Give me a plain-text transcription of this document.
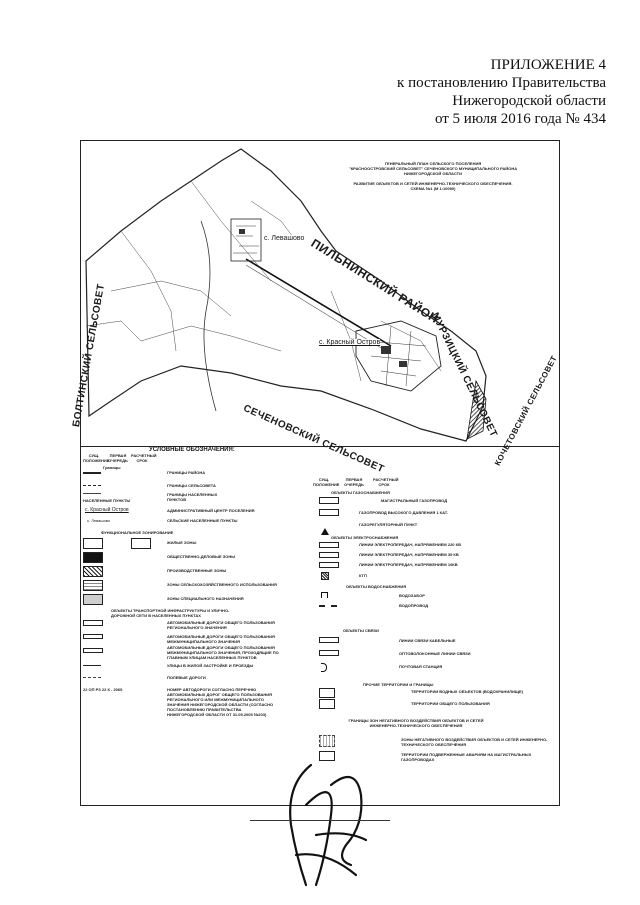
ПРИЛОЖЕНИЕ 4
к постановлению Правительства
Нижегородской области
от 5 июля 2016 года № 434
ГЕНЕРАЛЬНЫЙ ПЛАН СЕЛЬСКОГО ПОСЕЛЕНИЯ
"КРАСНООСТРОВСКИЙ СЕЛЬСОВЕТ" СЕЧЕНОВСКОГО МУНИЦИПАЛЬНОГО РАЙОНА
НИЖЕГОРОДСКОЙ ОБЛАСТИ
РАЗВИТИЕ ОБЪЕКТОВ И СЕТЕЙ ИНЖЕНЕРНО-ТЕХНИЧЕСКОГО ОБЕСПЕЧЕНИЯ.
СХЕМА №1 (М 1:10000)
ПИЛЬНИНСКИЙ РАЙОН
БОЛТИНСКИЙ СЕЛЬСОВЕТ
СЕЧЕНОВСКИЙ СЕЛЬСОВЕТ
МУРЗИЦКИЙ СЕЛЬСОВЕТ
КОЧЕТОВСКИЙ СЕЛЬСОВЕТ
с. Левашово
с. Красный Остров
УСЛОВНЫЕ ОБОЗНАЧЕНИЯ:
СУЩ. ПОЛОЖЕНИЕ
ПЕРВАЯ ОЧЕРЕДЬ
РАСЧЕТНЫЙ СРОК
Границы
ГРАНИЦЫ РАЙОНА
ГРАНИЦЫ СЕЛЬСОВЕТА
НАСЕЛЕННЫЕ ПУНКТЫ
ГРАНИЦЫ НАСЕЛЕННЫХ ПУНКТОВ
АДМИНИСТРАТИВНЫЙ ЦЕНТР ПОСЕЛЕНИЯ
с. Красный Остров
СЕЛЬСКИЕ НАСЕЛЕННЫЕ ПУНКТЫ
с. Левашово
ФУНКЦИОНАЛЬНОЕ ЗОНИРОВАНИЕ
ЖИЛЫЕ ЗОНЫ
ОБЩЕСТВЕННО-ДЕЛОВЫЕ ЗОНЫ
ПРОИЗВОДСТВЕННЫЕ ЗОНЫ
ЗОНЫ СЕЛЬСКОХОЗЯЙСТВЕННОГО ИСПОЛЬЗОВАНИЯ
ЗОНЫ СПЕЦИАЛЬНОГО НАЗНАЧЕНИЯ
ОБЪЕКТЫ ТРАНСПОРТНОЙ ИНФРАСТРУКТУРЫ И УЛИЧНО-ДОРОЖНОЙ СЕТИ В НАСЕЛЕННЫХ ПУНКТАХ
АВТОМОБИЛЬНЫЕ ДОРОГИ ОБЩЕГО ПОЛЬЗОВАНИЯ РЕГИОНАЛЬНОГО ЗНАЧЕНИЯ
АВТОМОБИЛЬНЫЕ ДОРОГИ ОБЩЕГО ПОЛЬЗОВАНИЯ МЕЖМУНИЦИПАЛЬНОГО ЗНАЧЕНИЯ
АВТОМОБИЛЬНЫЕ ДОРОГИ ОБЩЕГО ПОЛЬЗОВАНИЯ МЕЖМУНИЦИПАЛЬНОГО ЗНАЧЕНИЯ, ПРОХОДЯЩИЕ ПО ГЛАВНЫМ УЛИЦАМ НАСЕЛЕННЫХ ПУНКТОВ
УЛИЦЫ В ЖИЛОЙ ЗАСТРОЙКЕ И ПРОЕЗДЫ
ПОЛЕВЫЕ ДОРОГИ
22 ОП РЗ 22 К - 2065	НОМЕР АВТОДОРОГИ СОГЛАСНО ПЕРЕЧНЮ АВТОМОБИЛЬНЫХ ДОРОГ ОБЩЕГО ПОЛЬЗОВАНИЯ РЕГИОНАЛЬНОГО ИЛИ МЕЖМУНИЦИПАЛЬНОГО ЗНАЧЕНИЯ НИЖЕГОРОДСКОЙ ОБЛАСТИ (СОГЛАСНО ПОСТАНОВЛЕНИЮ ПРАВИТЕЛЬСТВА НИЖЕГОРОДСКОЙ ОБЛАСТИ ОТ 31.05.2005 №203)
СУЩ. ПОЛОЖЕНИЕ
ПЕРВАЯ ОЧЕРЕДЬ
РАСЧЕТНЫЙ СРОК
ОБЪЕКТЫ ГАЗОСНАБЖЕНИЯ
МАГИСТРАЛЬНЫЙ ГАЗОПРОВОД
ГАЗОПРОВОД ВЫСОКОГО ДАВЛЕНИЯ 1 КАТ.
ГАЗОРЕГУЛЯТОРНЫЙ ПУНКТ
ОБЪЕКТЫ ЭЛЕКТРОСНАБЖЕНИЯ
ЛИНИИ ЭЛЕКТРОПЕРЕДАЧ, НАПРЯЖЕНИЕМ 220 КВ
ЛИНИИ ЭЛЕКТРОПЕРЕДАЧ, НАПРЯЖЕНИЕМ 35 КВ
ЛИНИИ ЭЛЕКТРОПЕРЕДАЧ, НАПРЯЖЕНИЕМ 10КВ
КТП
ОБЪЕКТЫ ВОДОСНАБЖЕНИЯ
ВОДОЗАБОР
ВОДОПРОВОД
ОБЪЕКТЫ СВЯЗИ
ЛИНИИ СВЯЗИ КАБЕЛЬНЫЕ
ОПТОВОЛОКОННЫЕ ЛИНИИ СВЯЗИ
ПОЧТОВАЯ СТАНЦИЯ
ПРОЧИЕ ТЕРРИТОРИИ И ГРАНИЦЫ
ТЕРРИТОРИИ ВОДНЫХ ОБЪЕКТОВ (ВОДОХРАНИЛИЩЕ)
ТЕРРИТОРИИ ОБЩЕГО ПОЛЬЗОВАНИЯ
ГРАНИЦЫ ЗОН НЕГАТИВНОГО ВОЗДЕЙСТВИЯ ОБЪЕКТОВ И СЕТЕЙ ИНЖЕНЕРНО-ТЕХНИЧЕСКОГО ОБЕСПЕЧЕНИЯ
ЗОНЫ НЕГАТИВНОГО ВОЗДЕЙСТВИЯ ОБЪЕКТОВ И СЕТЕЙ ИНЖЕНЕРНО-ТЕХНИЧЕСКОГО ОБЕСПЕЧЕНИЯ
ТЕРРИТОРИИ ПОДВЕРЖЕННЫЕ АВАРИЯМ НА МАГИСТРАЛЬНЫХ ГАЗОПРОВОДАХ
